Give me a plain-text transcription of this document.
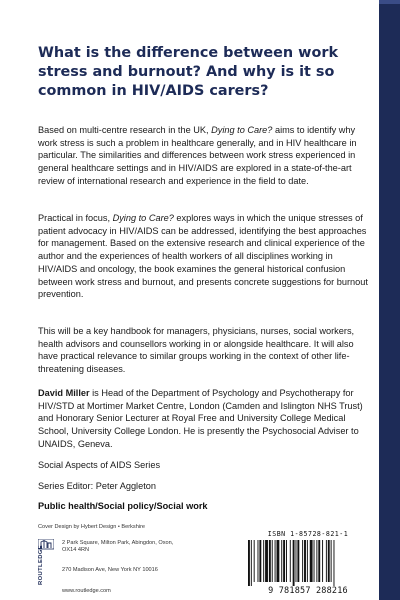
What is the difference between work stress and burnout? And why is it so common in HIV/AIDS carers?

Based on multi-centre research in the UK, Dying to Care? aims to identify why work stress is such a problem in healthcare generally, and in HIV healthcare in particular. The similarities and differences between work stress experienced in general healthcare settings and in HIV/AIDS are explored in a state-of-the-art review of international research and experience in the field to date.

Practical in focus, Dying to Care? explores ways in which the unique stresses of patient advocacy in HIV/AIDS can be addressed, identifying the best approaches for management. Based on the extensive research and clinical experience of the author and the experiences of health workers of all disciplines working in HIV/AIDS and oncology, the book examines the general historical confusion between work stress and burnout, and presents concrete suggestions for burnout prevention.

This will be a key handbook for managers, physicians, nurses, social workers, health advisors and counsellors working in or alongside healthcare. It will also have practical relevance to similar groups working in the context of other life-threatening diseases.

David Miller is Head of the Department of Psychology and Psychotherapy for HIV/STD at Mortimer Market Centre, London (Camden and Islington NHS Trust) and Honorary Senior Lecturer at Royal Free and University College Medical School, University College London. He is presently the Psychosocial Adviser to UNAIDS, Geneva.

Social Aspects of AIDS Series

Series Editor: Peter Aggleton

Public health/Social policy/Social work

Cover Design by Hybert Design • Berkshire

ROUTLEDGE

2 Park Square, Milton Park, Abingdon, Oxon, OX14 4RN

270 Madison Ave, New York NY 10016

www.routledge.com

ISBN 1-85728-821-1

9 781857 288216
